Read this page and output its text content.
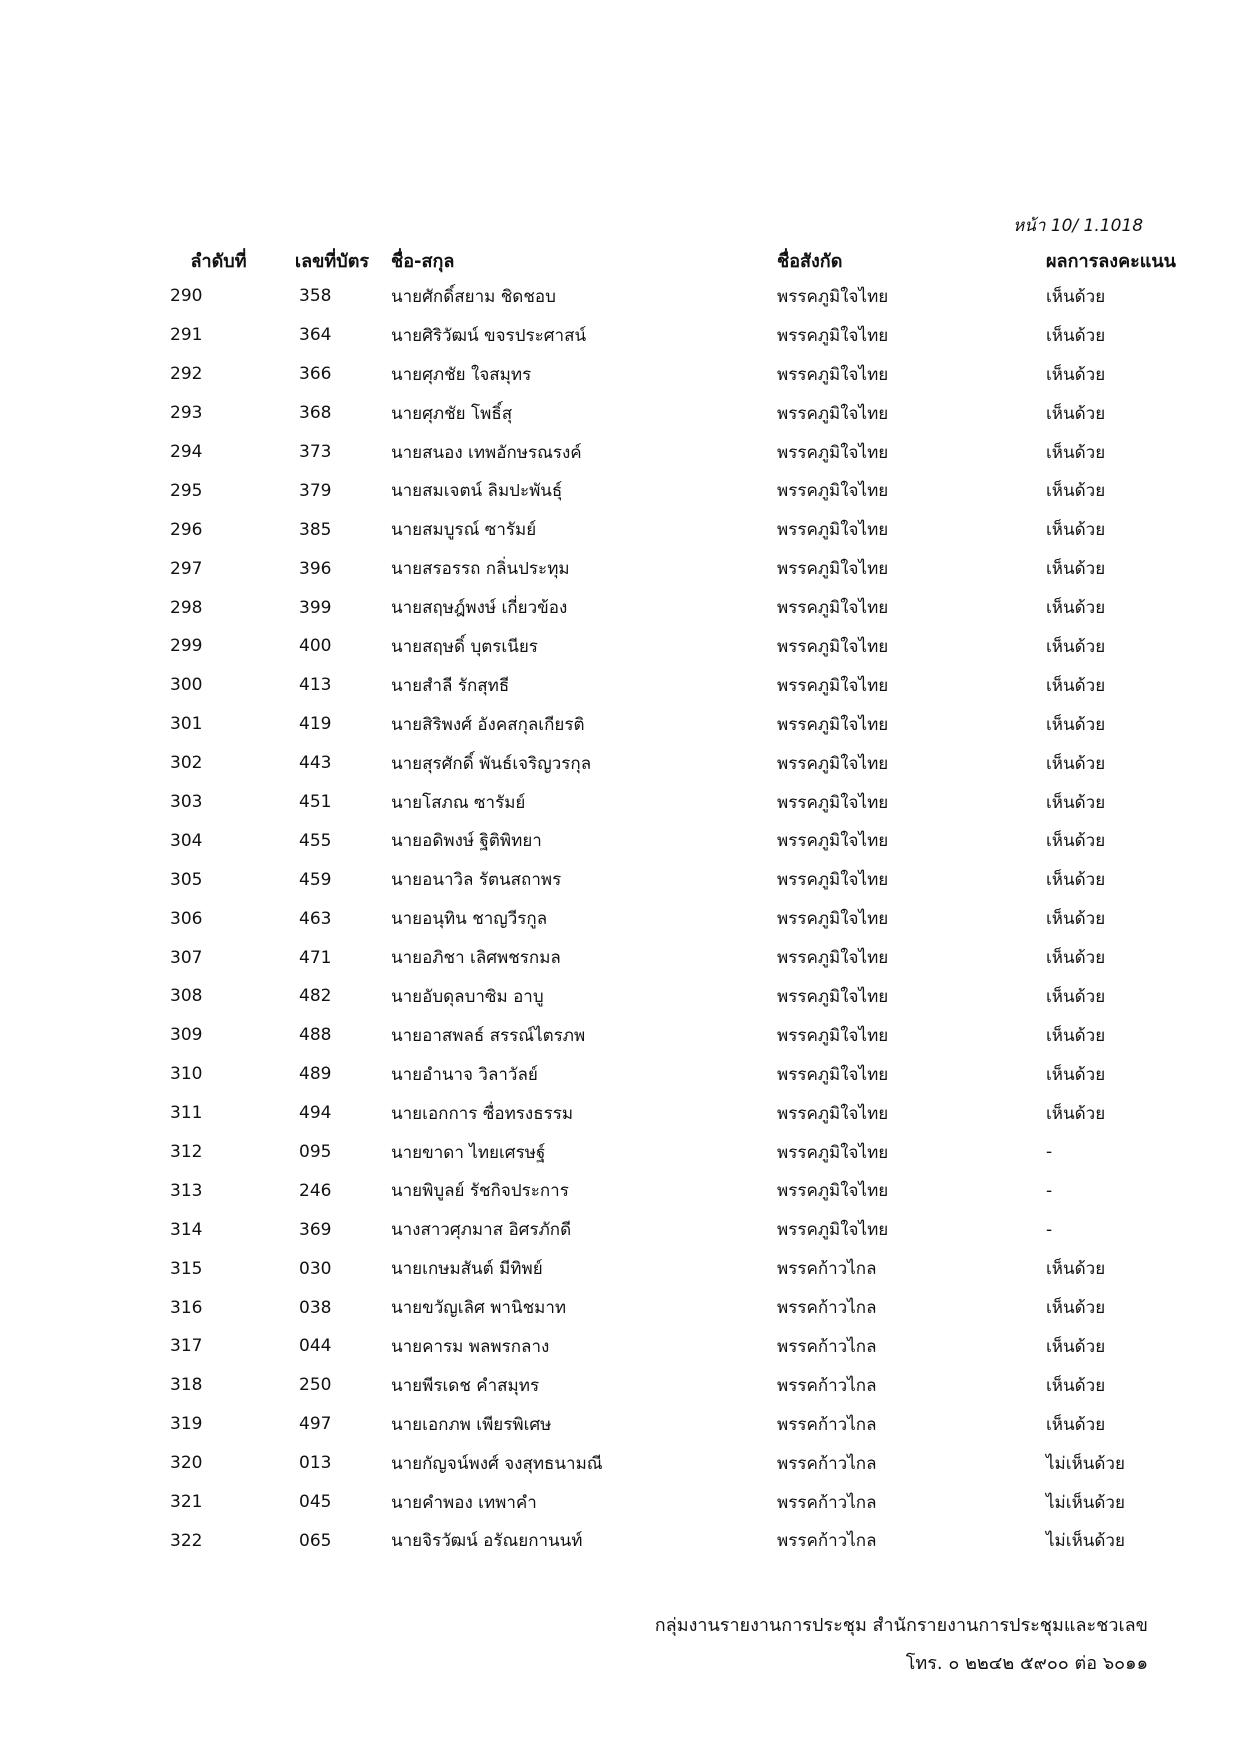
หน้า 10/ 1.1018
ลำดับที่	เลขที่บัตร	ชื่อ-สกุล	ชื่อสังกัด	ผลการลงคะแนน
290	358	นายศักดิ์สยาม ชิดชอบ	พรรคภูมิใจไทย	เห็นด้วย
291	364	นายศิริวัฒน์ ขจรประศาสน์	พรรคภูมิใจไทย	เห็นด้วย
292	366	นายศุภชัย ใจสมุทร	พรรคภูมิใจไทย	เห็นด้วย
293	368	นายศุภชัย โพธิ์สุ	พรรคภูมิใจไทย	เห็นด้วย
294	373	นายสนอง เทพอักษรณรงค์	พรรคภูมิใจไทย	เห็นด้วย
295	379	นายสมเจตน์ ลิมปะพันธุ์	พรรคภูมิใจไทย	เห็นด้วย
296	385	นายสมบูรณ์ ซารัมย์	พรรคภูมิใจไทย	เห็นด้วย
297	396	นายสรอรรถ กลิ่นประทุม	พรรคภูมิใจไทย	เห็นด้วย
298	399	นายสฤษฎ์พงษ์ เกี่ยวข้อง	พรรคภูมิใจไทย	เห็นด้วย
299	400	นายสฤษดิ์ บุตรเนียร	พรรคภูมิใจไทย	เห็นด้วย
300	413	นายสำลี รักสุทธี	พรรคภูมิใจไทย	เห็นด้วย
301	419	นายสิริพงศ์ อังคสกุลเกียรติ	พรรคภูมิใจไทย	เห็นด้วย
302	443	นายสุรศักดิ์ พันธ์เจริญวรกุล	พรรคภูมิใจไทย	เห็นด้วย
303	451	นายโสภณ ซารัมย์	พรรคภูมิใจไทย	เห็นด้วย
304	455	นายอดิพงษ์ ฐิติพิทยา	พรรคภูมิใจไทย	เห็นด้วย
305	459	นายอนาวิล รัตนสถาพร	พรรคภูมิใจไทย	เห็นด้วย
306	463	นายอนุทิน ชาญวีรกูล	พรรคภูมิใจไทย	เห็นด้วย
307	471	นายอภิชา เลิศพชรกมล	พรรคภูมิใจไทย	เห็นด้วย
308	482	นายอับดุลบาซิม อาบู	พรรคภูมิใจไทย	เห็นด้วย
309	488	นายอาสพลธ์ สรรณ์ไตรภพ	พรรคภูมิใจไทย	เห็นด้วย
310	489	นายอำนาจ วิลาวัลย์	พรรคภูมิใจไทย	เห็นด้วย
311	494	นายเอกการ ซื่อทรงธรรม	พรรคภูมิใจไทย	เห็นด้วย
312	095	นายขาดา ไทยเศรษฐ์	พรรคภูมิใจไทย	-
313	246	นายพิบูลย์ รัชกิจประการ	พรรคภูมิใจไทย	-
314	369	นางสาวศุภมาส อิศรภักดี	พรรคภูมิใจไทย	-
315	030	นายเกษมสันต์ มีทิพย์	พรรคก้าวไกล	เห็นด้วย
316	038	นายขวัญเลิศ พานิชมาท	พรรคก้าวไกล	เห็นด้วย
317	044	นายคารม พลพรกลาง	พรรคก้าวไกล	เห็นด้วย
318	250	นายพีรเดช คำสมุทร	พรรคก้าวไกล	เห็นด้วย
319	497	นายเอกภพ เพียรพิเศษ	พรรคก้าวไกล	เห็นด้วย
320	013	นายกัญจน์พงศ์ จงสุทธนามณี	พรรคก้าวไกล	ไม่เห็นด้วย
321	045	นายคำพอง เทพาคำ	พรรคก้าวไกล	ไม่เห็นด้วย
322	065	นายจิรวัฒน์ อรัณยกานนท์	พรรคก้าวไกล	ไม่เห็นด้วย
กลุ่มงานรายงานการประชุม สำนักรายงานการประชุมและชวเลข
โทร. ๐ ๒๒๔๒ ๕๙๐๐ ต่อ ๖๐๑๑
